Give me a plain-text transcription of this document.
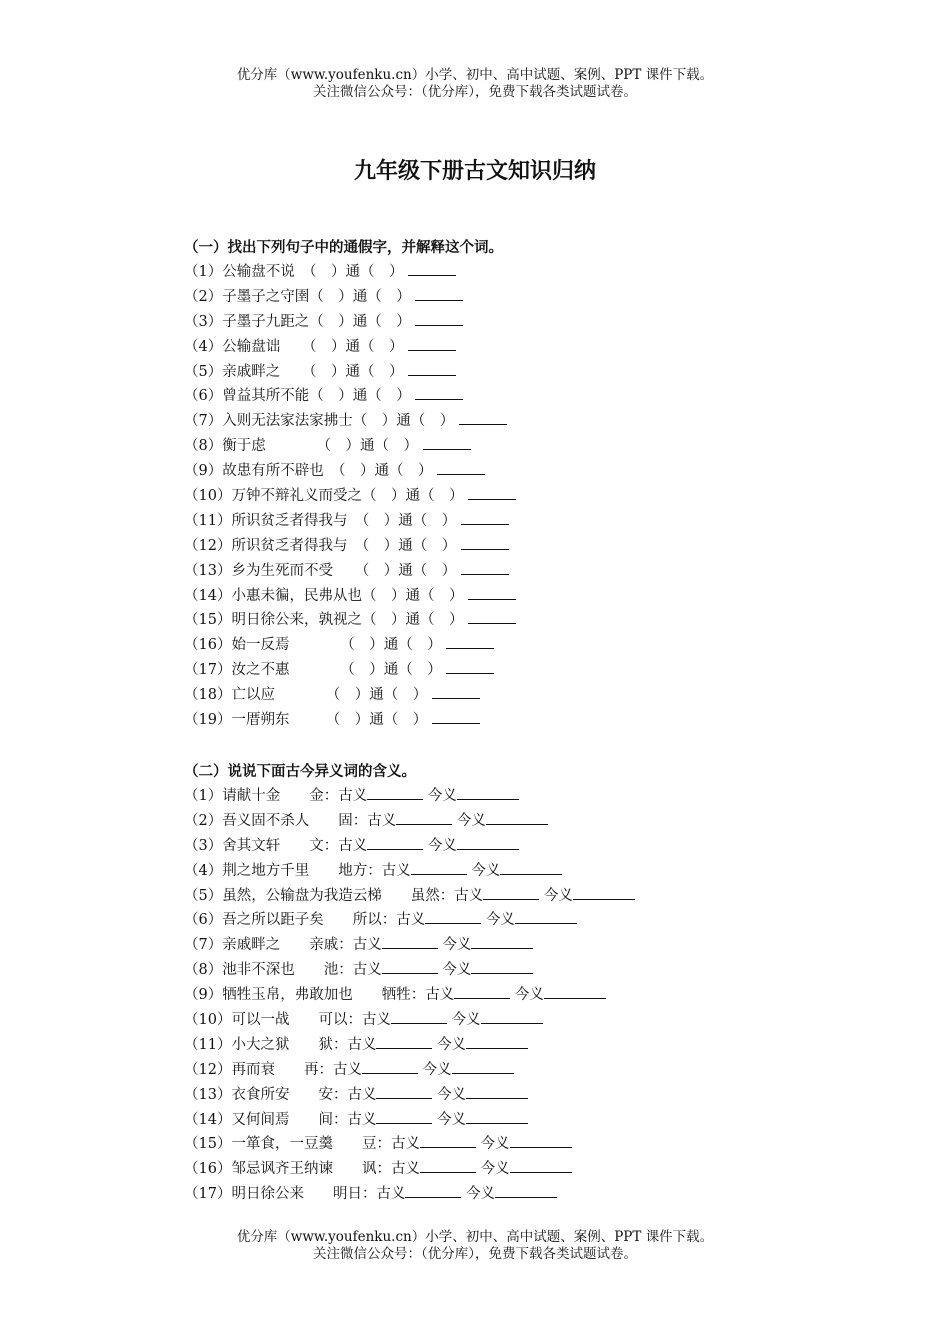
优分库（www.youfenku.cn）小学、初中、高中试题、案例、PPT 课件下载。
关注微信公众号：（优分库），免费下载各类试题试卷。
九年级下册古文知识归纳
（一）找出下列句子中的通假字，并解释这个词。
（1）公输盘不说　（　）通（　）
（2）子墨子之守圉（　）通（　）
（3）子墨子九距之（　）通（　）
（4）公输盘诎　　（　）通（　）
（5）亲戚畔之　　（　）通（　）
（6）曾益其所不能（　）通（　）
（7）入则无法家法家拂士（　）通（　）
（8）衡于虑　　　　（　）通（　）
（9）故患有所不辟也　（　）通（　）
（10）万钟不辩礼义而受之（　）通（　）
（11）所识贫乏者得我与　（　）通（　）
（12）所识贫乏者得我与　（　）通（　）
（13）乡为生死而不受　　（　）通（　）
（14）小惠未徧，民弗从也（　）通（　）
（15）明日徐公来，孰视之（　）通（　）
（16）始一反焉　　　　（　）通（　）
（17）汝之不惠　　　　（　）通（　）
（18）亡以应　　　　（　）通（　）
（19）一厝朔东　　　（　）通（　）
（二）说说下面古今异义词的含义。
（1）请献十金　　 金：古义	今义
（2）吾义固不杀人　　 固：古义	今义
（3）舍其文轩　　 文：古义	今义
（4）荆之地方千里　　 地方：古义	今义
（5）虽然，公输盘为我造云梯　　 虽然：古义	今义
（6）吾之所以距子矣　　 所以：古义	今义
（7）亲戚畔之　　 亲戚：古义	今义
（8）池非不深也　　 池：古义	今义
（9）牺牲玉帛，弗敢加也　　 牺牲：古义	今义
（10）可以一战　　 可以：古义	今义
（11）小大之狱　　 狱：古义	今义
（12）再而衰　　 再：古义	今义
（13）衣食所安　　 安：古义	今义
（14）又何间焉　　 间：古义	今义
（15）一箪食，一豆羹　　 豆：古义	今义
（16）邹忌讽齐王纳谏　　 讽：古义	今义
（17）明日徐公来　　 明日：古义	今义
优分库（www.youfenku.cn）小学、初中、高中试题、案例、PPT 课件下载。
关注微信公众号：（优分库），免费下载各类试题试卷。
